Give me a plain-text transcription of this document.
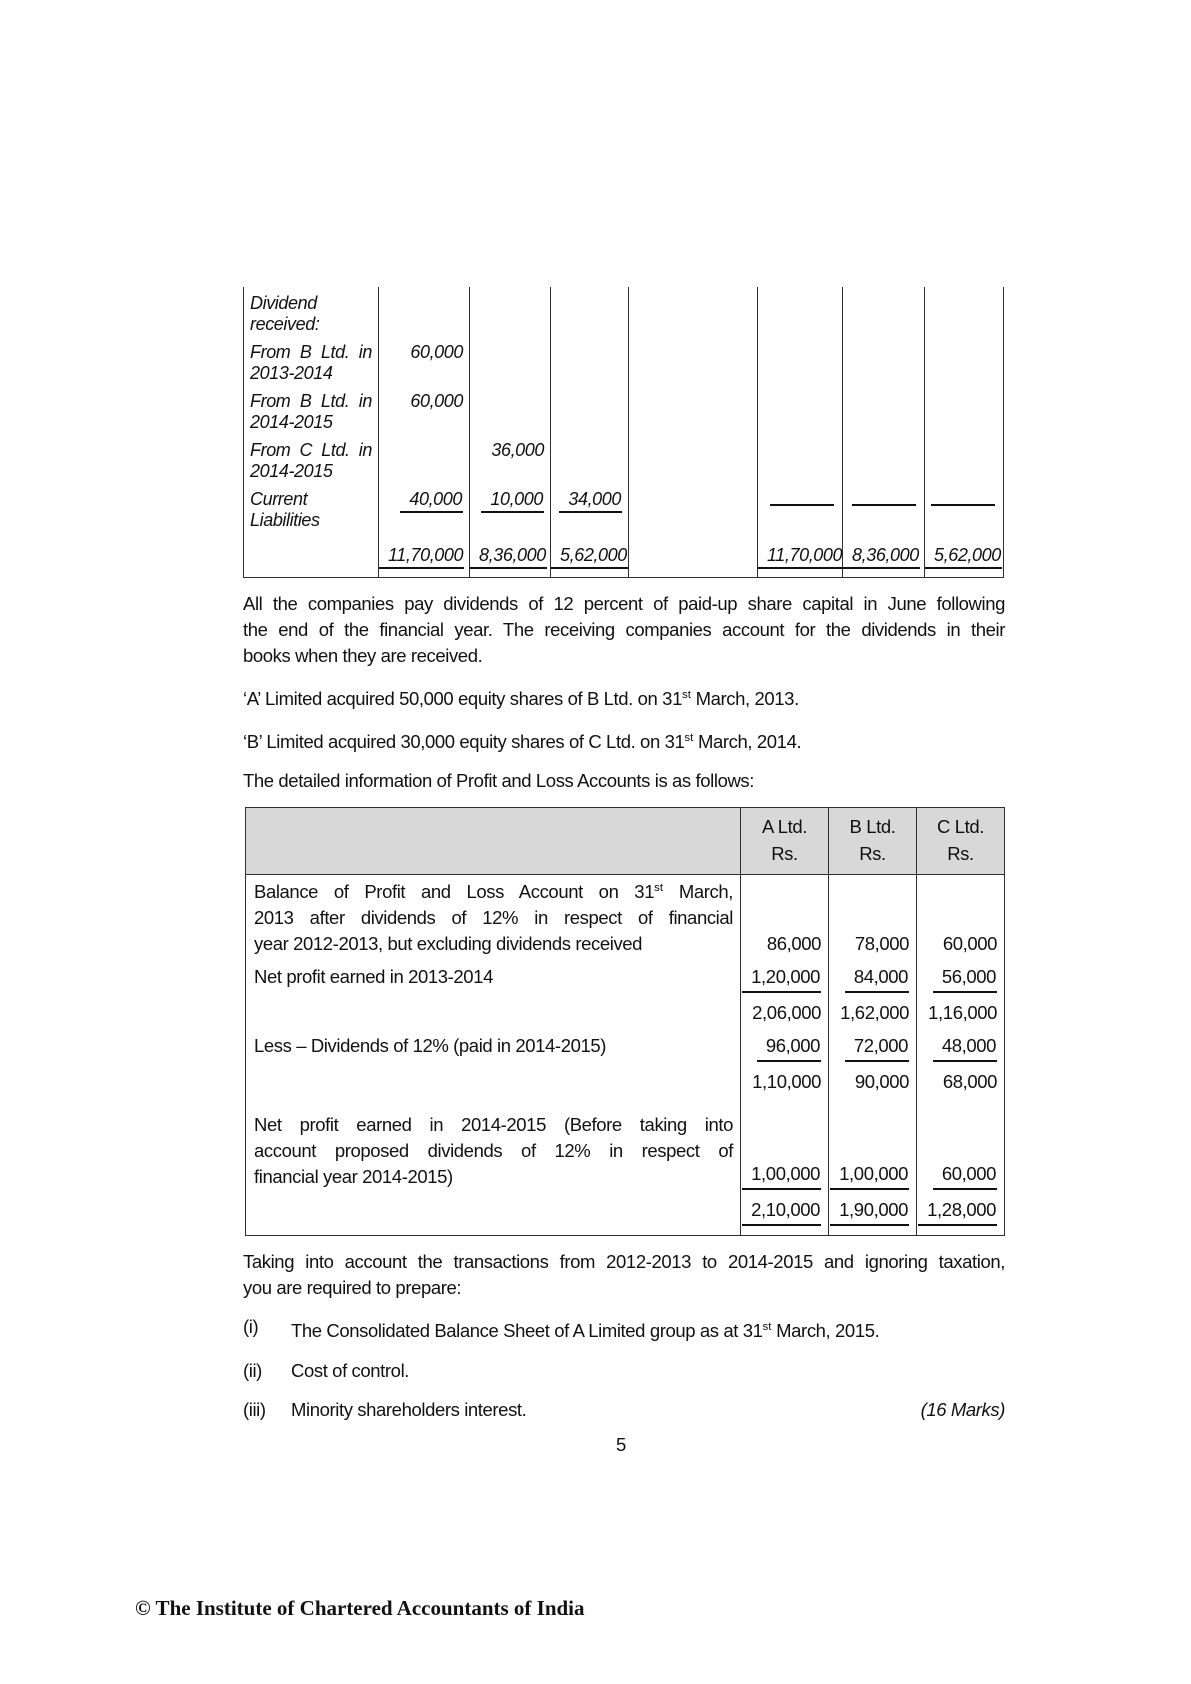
Dividend
received:							

From B Ltd. in
2013-2014	60,000						

From B Ltd. in
2014-2015	60,000						

From C Ltd. in
2014-2015		36,000					

Current
Liabilities	40,000	10,000	34,000				
	11,70,000	8,36,000	5,62,000		11,70,000	8,36,000	5,62,000
All the companies pay dividends of 12 percent of paid-up share capital in June following
the end of the financial year. The receiving companies account for the dividends in their
books when they are received.
‘A’ Limited acquired 50,000 equity shares of B Ltd. on 31st March, 2013.
‘B’ Limited acquired 30,000 equity shares of C Ltd. on 31st March, 2014.
The detailed information of Profit and Loss Accounts is as follows:

A Ltd.
Rs.

B Ltd.
Rs.

C Ltd.
Rs.

Balance of Profit and Loss Account on 31st March,
2013 after dividends of 12% in respect of financial
year 2012-2013, but excluding dividends received	86,000	78,000	60,000
Net profit earned in 2013-2014	1,20,000	84,000	56,000
	2,06,000	1,62,000	1,16,000
Less – Dividends of 12% (paid in 2014-2015)	96,000	72,000	48,000
	1,10,000	90,000	68,000

Net profit earned in 2014-2015 (Before taking into
account proposed dividends of 12% in respect of
financial year 2014-2015)	1,00,000	1,00,000	60,000
	2,10,000	1,90,000	1,28,000
Taking into account the transactions from 2012-2013 to 2014-2015 and ignoring taxation,
you are required to prepare:
(i)	The Consolidated Balance Sheet of A Limited group as at 31st March, 2015.
(ii)	Cost of control.
(iii)	(16 Marks)
Minority shareholders interest.
5
© The Institute of Chartered Accountants of India
